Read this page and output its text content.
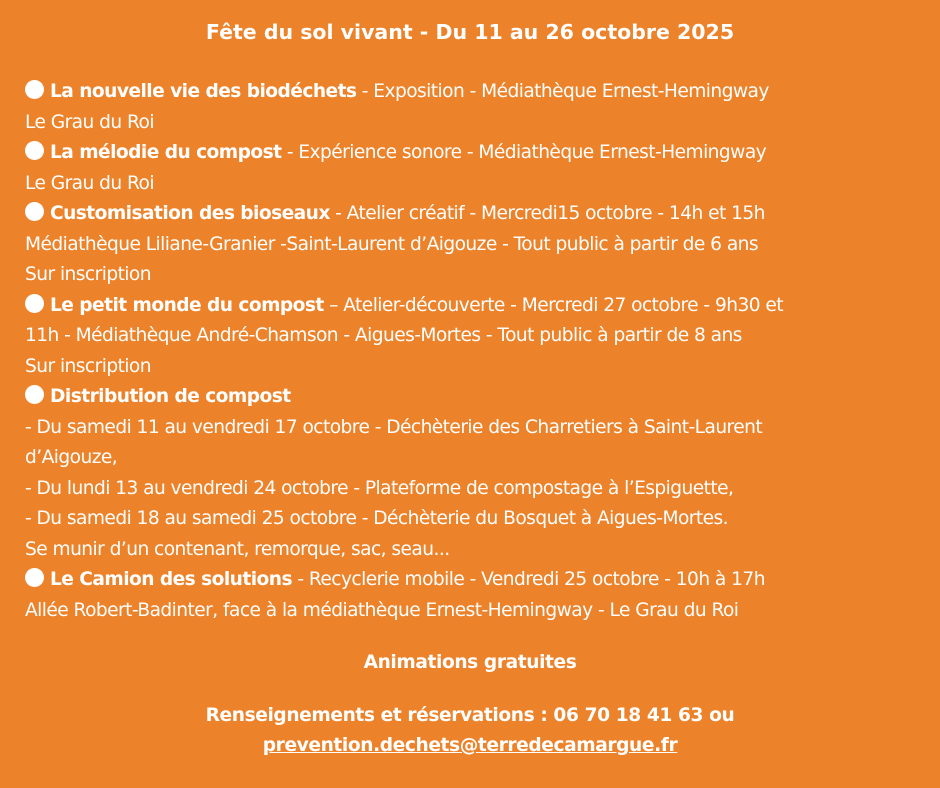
Fête du sol vivant - Du 11 au 26 octobre 2025
La nouvelle vie des biodéchets - Exposition - Médiathèque Ernest-Hemingway
Le Grau du Roi
La mélodie du compost - Expérience sonore - Médiathèque Ernest-Hemingway
Le Grau du Roi
Customisation des bioseaux - Atelier créatif - Mercredi15 octobre - 14h et 15h
Médiathèque Liliane-Granier -Saint-Laurent d’Aigouze - Tout public à partir de 6 ans
Sur inscription
Le petit monde du compost – Atelier-découverte - Mercredi 27 octobre - 9h30 et
11h - Médiathèque André-Chamson - Aigues-Mortes - Tout public à partir de 8 ans
Sur inscription
Distribution de compost
- Du samedi 11 au vendredi 17 octobre - Déchèterie des Charretiers à Saint-Laurent
d’Aigouze,
- Du lundi 13 au vendredi 24 octobre - Plateforme de compostage à l’Espiguette,
- Du samedi 18 au samedi 25 octobre - Déchèterie du Bosquet à Aigues-Mortes.
Se munir d’un contenant, remorque, sac, seau...
Le Camion des solutions - Recyclerie mobile - Vendredi 25 octobre - 10h à 17h
Allée Robert-Badinter, face à la médiathèque Ernest-Hemingway - Le Grau du Roi
Animations gratuites
Renseignements et réservations : 06 70 18 41 63 ou
prevention.dechets@terredecamargue.fr
